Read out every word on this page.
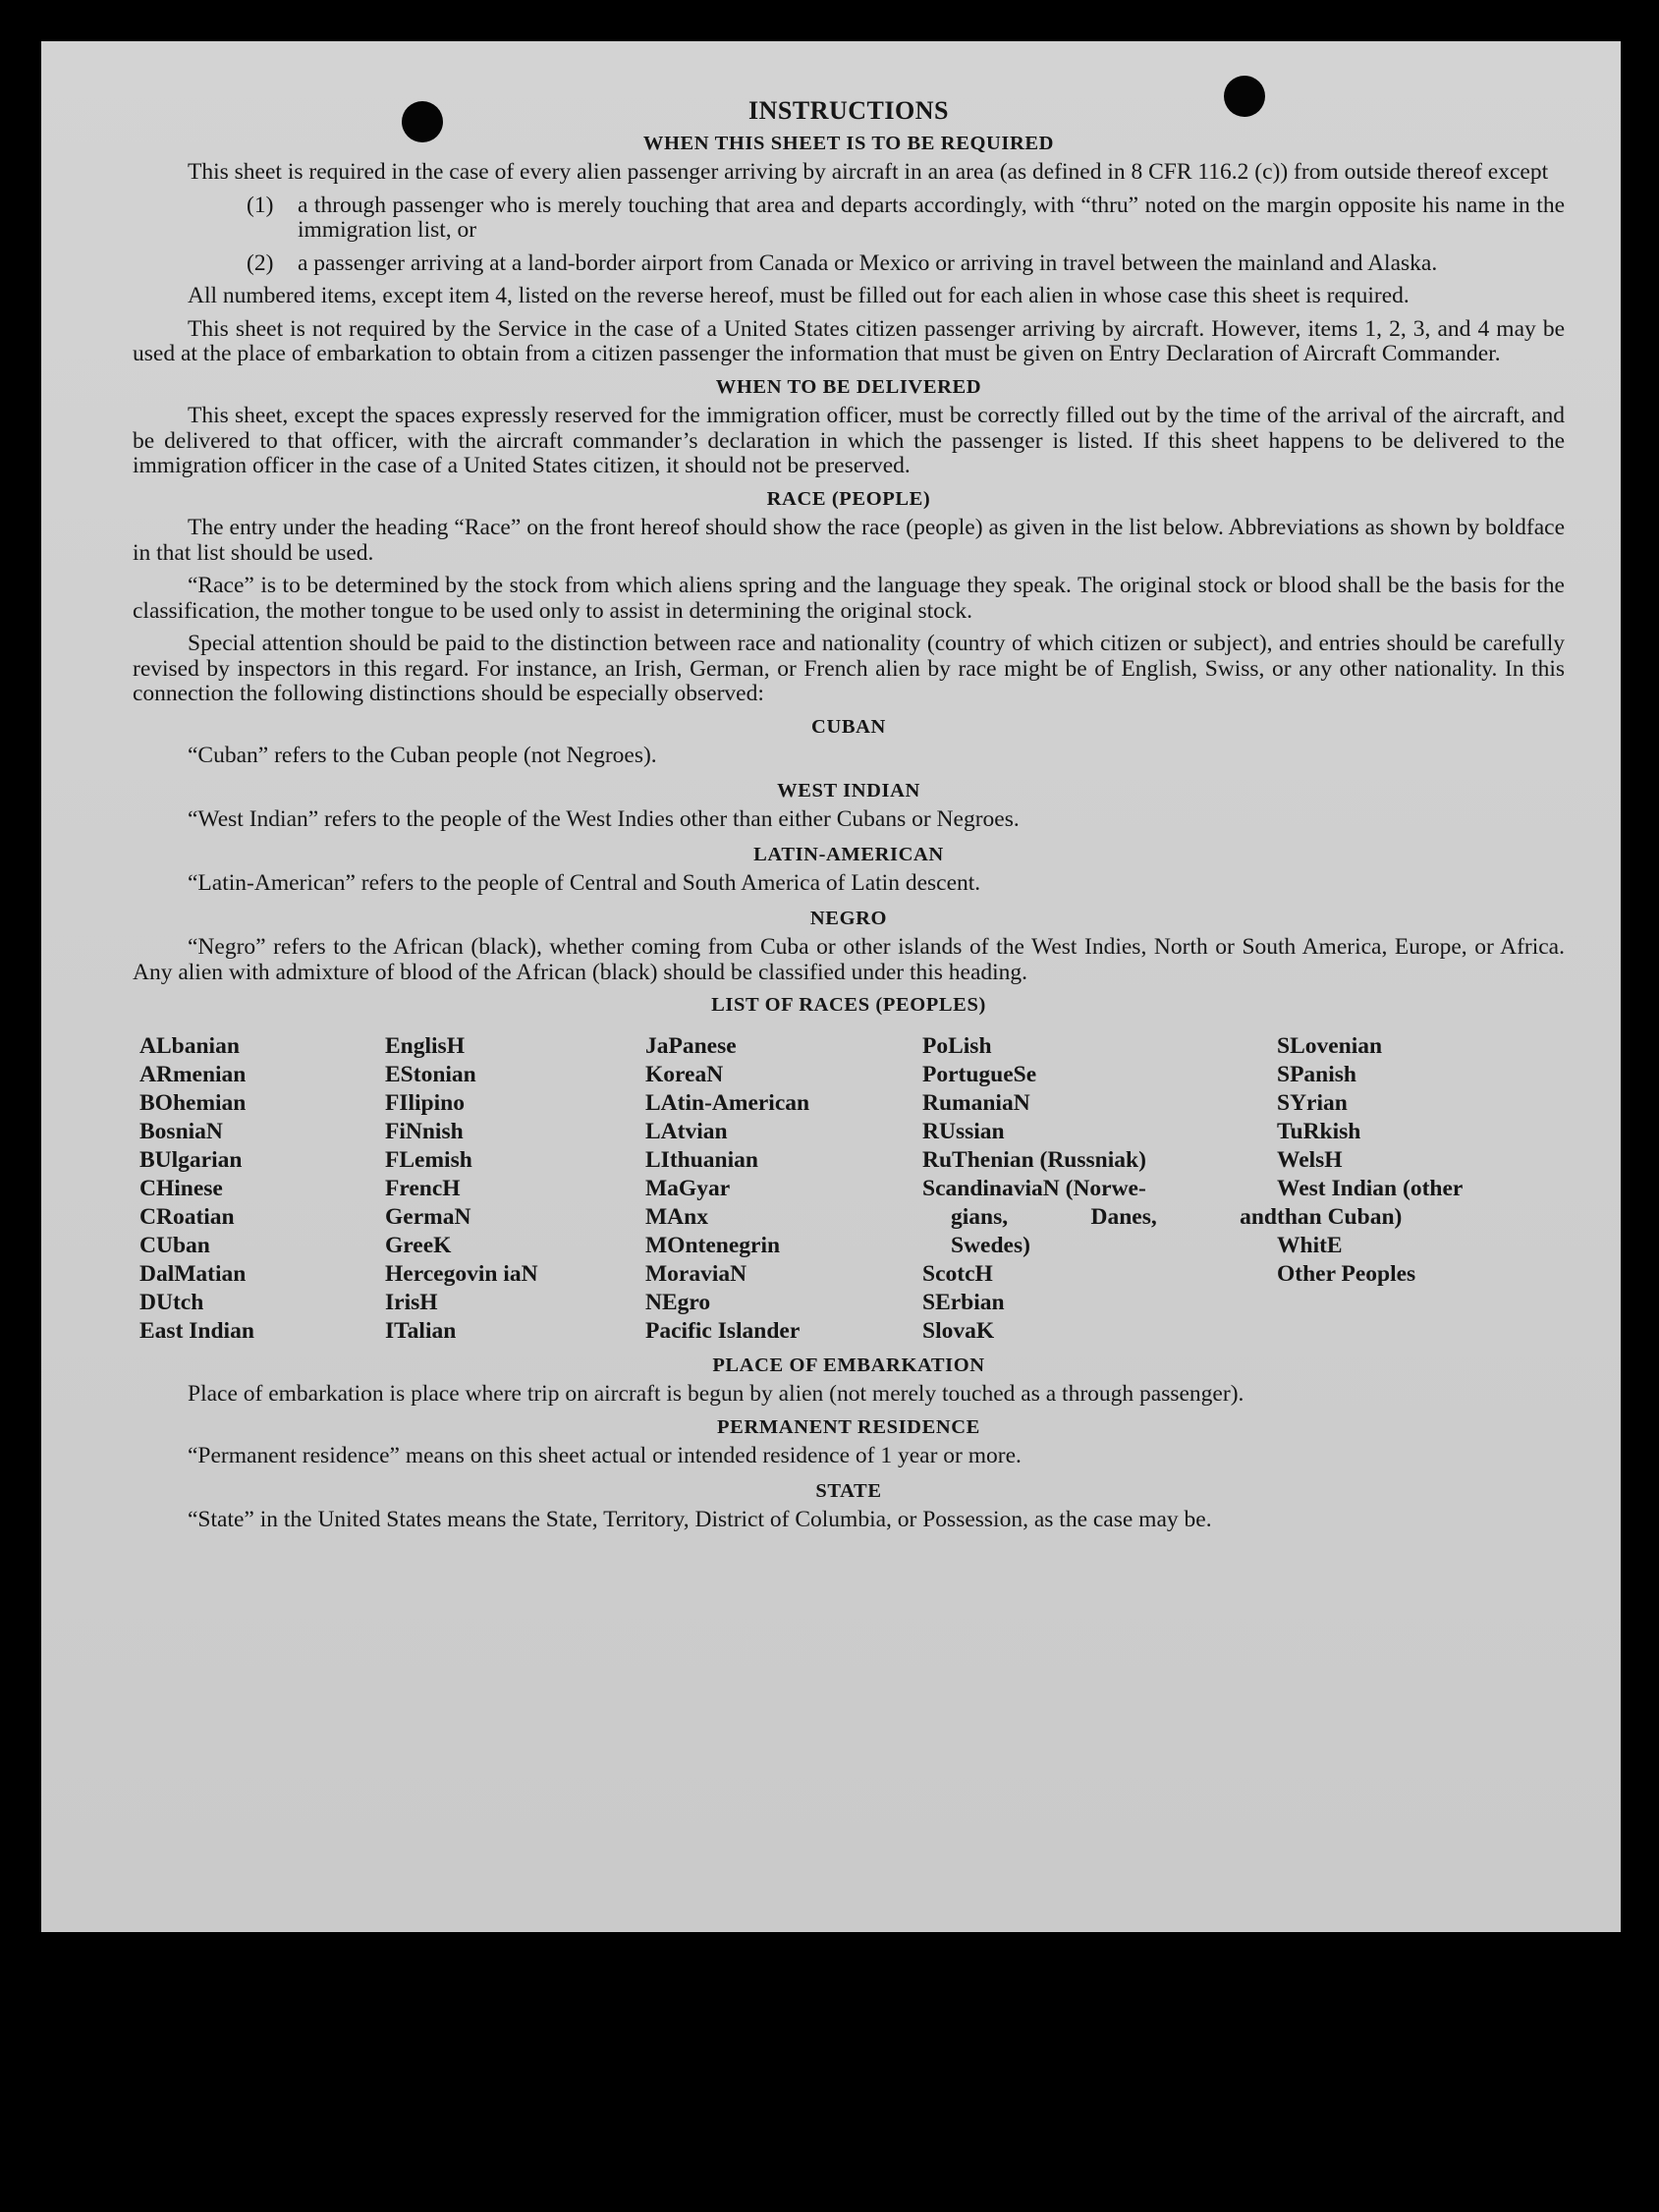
INSTRUCTIONS
WHEN THIS SHEET IS TO BE REQUIRED

This sheet is required in the case of every alien passenger arriving by aircraft in an area (as defined in 8 CFR 116.2 (c)) from outside thereof except

(1)	a through passenger who is merely touching that area and departs accordingly, with “thru” noted on the margin opposite his name in the immigration list, or
(2)	a passenger arriving at a land-border airport from Canada or Mexico or arriving in travel between the mainland and Alaska.

All numbered items, except item 4, listed on the reverse hereof, must be filled out for each alien in whose case this sheet is required.

This sheet is not required by the Service in the case of a United States citizen passenger arriving by aircraft. However, items 1, 2, 3, and 4 may be used at the place of embarkation to obtain from a citizen passenger the information that must be given on Entry Declaration of Aircraft Commander.

WHEN TO BE DELIVERED

This sheet, except the spaces expressly reserved for the immigration officer, must be correctly filled out by the time of the arrival of the aircraft, and be delivered to that officer, with the aircraft commander’s declaration in which the passenger is listed. If this sheet happens to be delivered to the immigration officer in the case of a United States citizen, it should not be preserved.

RACE (PEOPLE)

The entry under the heading “Race” on the front hereof should show the race (people) as given in the list below. Abbreviations as shown by boldface in that list should be used.

“Race” is to be determined by the stock from which aliens spring and the language they speak. The original stock or blood shall be the basis for the classification, the mother tongue to be used only to assist in determining the original stock.

Special attention should be paid to the distinction between race and nationality (country of which citizen or subject), and entries should be carefully revised by inspectors in this regard. For instance, an Irish, German, or French alien by race might be of English, Swiss, or any other nationality. In this connection the following distinctions should be especially observed:

CUBAN

“Cuban” refers to the Cuban people (not Negroes).

WEST INDIAN

“West Indian” refers to the people of the West Indies other than either Cubans or Negroes.

LATIN-AMERICAN

“Latin-American” refers to the people of Central and South America of Latin descent.

NEGRO

“Negro” refers to the African (black), whether coming from Cuba or other islands of the West Indies, North or South America, Europe, or Africa. Any alien with admixture of blood of the African (black) should be classified under this heading.

LIST OF RACES (PEOPLES)
ALbanian
ARmenian
BOhemian
BosniaN
BUlgarian
CHinese
CRoatian
CUban
DalMatian
DUtch
East Indian
EnglisH
EStonian
FIlipino
FiNnish
FLemish
FrencH
GermaN
GreeK
Hercegovin iaN
IrisH
ITalian
JaPanese
KoreaN
LAtin-American
LAtvian
LIthuanian
MaGyar
MAnx
MOntenegrin
MoraviaN
NEgro
Pacific Islander
PoLish
PortugueSe
RumaniaN
RUssian
RuThenian (Russniak)
ScandinaviaN (Norwe-
gians, Danes, and
Swedes)
ScotcH
SErbian
SlovaK
SLovenian
SPanish
SYrian
TuRkish
WelsH
West Indian (other
than Cuban)
WhitE
Other Peoples
PLACE OF EMBARKATION

Place of embarkation is place where trip on aircraft is begun by alien (not merely touched as a through passenger).

PERMANENT RESIDENCE

“Permanent residence” means on this sheet actual or intended residence of 1 year or more.

STATE

“State” in the United States means the State, Territory, District of Columbia, or Possession, as the case may be.
